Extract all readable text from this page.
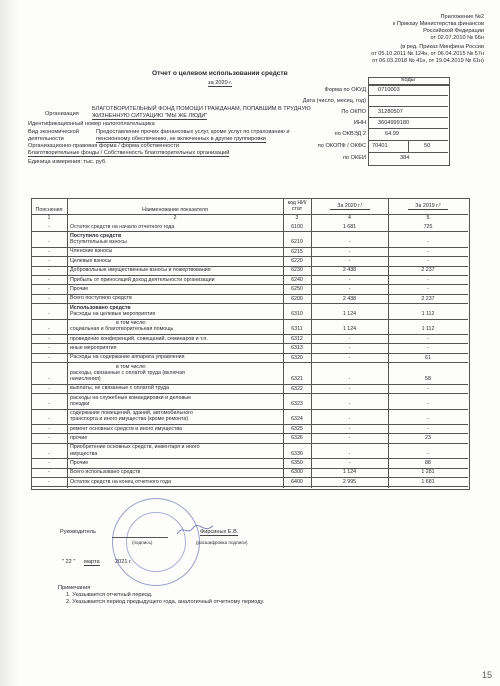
Приложение №2
к Приказу Министерства финансов
Российской Федерации
от 02.07.2010 № 66н
(в ред. Приказ Минфина России
от 05.10.2011 № 124н, от 06.04.2015 № 57н
от 06.03.2018 № 41н, от 19.04.2019 № 61н)
Отчет о целевом использовании средств
за 2020 г.	Коды
Форма по ОКУД 0710003
Дата (число, месяц, год)
По ОКПО 31280507
ИНН 3604999180
по ОКВЭД 2	64.99
по ОКОПФ / ОКФС 70401	50
по ОКЕИ	384
Организация
БЛАГОТВОРИТЕЛЬНЫЙ ФОНД ПОМОЩИ ГРАЖДАНАМ, ПОПАВШИМ В ТРУДНУЮ
ЖИЗНЕННУЮ СИТУАЦИЮ "МЫ ЖЕ ЛЮДИ"
Идентификационный номер налогоплательщика
Вид экономической
деятельности
Предоставление прочих финансовых услуг, кроме услуг по страхованию и
пенсионному обеспечению, не включенных в другие группировки
Организационно-правовая форма / форма собственности
Благотворительные фонды / Собственность благотворительных организаций
Единица измерения: тыс. руб.
Пояснения	Наименование показателя
код НИ/
стат	За 2020 г.¹	За 2019 г.²
1	2	3	4	5
-	Остаток средств на начало отчетного года	6100	1 681	725
-
Поступило средств
Вступительные взносы	6210	-	-
-	Членские взносы	6215	-	-
-	Целевые взносы	6220	-	-
-	Добровольные имущественные взносы и пожертвования	6230	2 438	2 237
-	Прибыль от приносящей доход деятельности организации	6240	-	-
-	Прочие	6250	-	-
-	Всего поступило средств	6200	2 438	2 237
-
Использовано средств
Расходы на целевые мероприятия	6310	1 124	1 112
-
в том числе:
социальная и благотворительная помощь	6311	1 124	1 112
-	проведение конференций, совещаний, семинаров и т.п.	6312	-	-
-	иные мероприятия	6313	-	-
-	Расходы на содержание аппарата управления	6320	-	61
-
в том числе:
расходы, связанные с оплатой труда (включая
начисления)	6321	-	58
-	выплаты, не связанные с оплатой труда	6322	-	-
-
расходы на служебные командировки и деловые
поездки	6323	-	-
-
содержание помещений, зданий, автомобильного
транспорта и иного имущества (кроме ремонта)	6324	-	-
-	ремонт основных средств и иного имущества	6325	-	-
-	прочие	6326	-	23
-
Приобретение основных средств, инвентаря и иного
имущества	6330	-	-
-	Прочие	6350	-	88
-	Всего использовано средств	6300	1 124	1 281
-	Остаток средств на конец отчетного года	6400	2 995	1 681
Руководитель
(подпись)
Фирсиных Е.В.
(расшифровка подписи)
" 22 " марта	2021 г.
Примечания
1. Указывается отчетный период.
2. Указывается период предыдущего года, аналогичный отчетному периоду.
15
